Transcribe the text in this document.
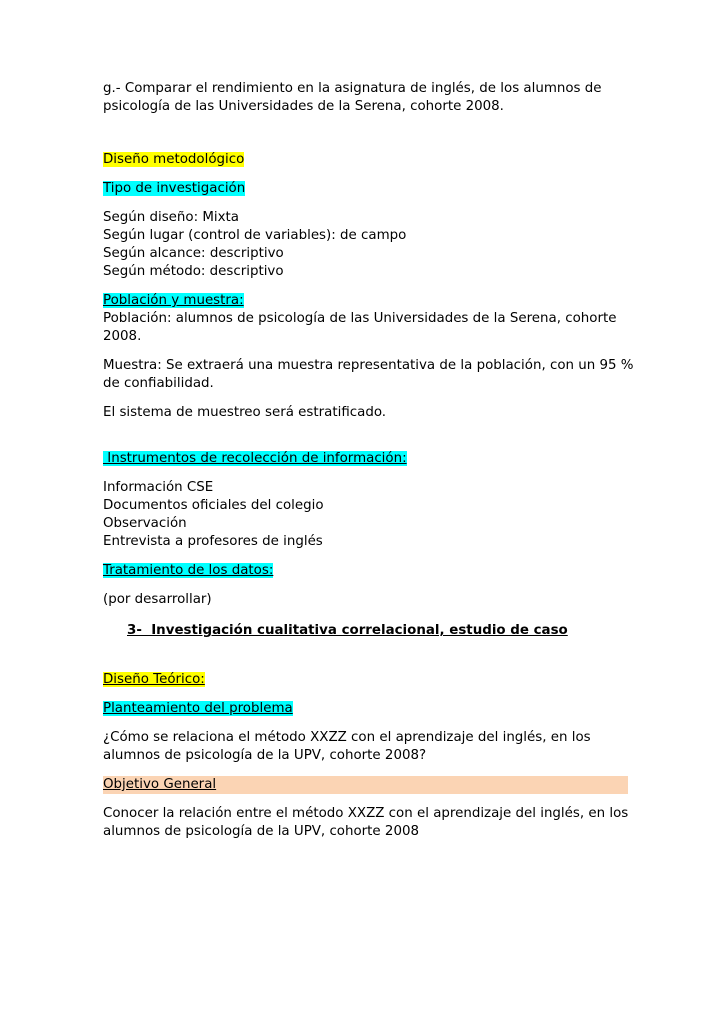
g.- Comparar el rendimiento en la asignatura de inglés, de los alumnos de
psicología de las Universidades de la Serena, cohorte 2008.
Diseño metodológico
Tipo de investigación
Según diseño: Mixta
Según lugar (control de variables): de campo
Según alcance: descriptivo
Según método: descriptivo
Población y muestra:
Población: alumnos de psicología de las Universidades de la Serena, cohorte
2008.
Muestra: Se extraerá una muestra representativa de la población, con un 95 %
de confiabilidad.
El sistema de muestreo será estratificado.
Instrumentos de recolección de información:
Información CSE
Documentos oficiales del colegio
Observación
Entrevista a profesores de inglés
Tratamiento de los datos:
(por desarrollar)
3-  Investigación cualitativa correlacional, estudio de caso
Diseño Teórico:
Planteamiento del problema
¿Cómo se relaciona el método XXZZ con el aprendizaje del inglés, en los
alumnos de psicología de la UPV, cohorte 2008?
Objetivo General
Conocer la relación entre el método XXZZ con el aprendizaje del inglés, en los
alumnos de psicología de la UPV, cohorte 2008
